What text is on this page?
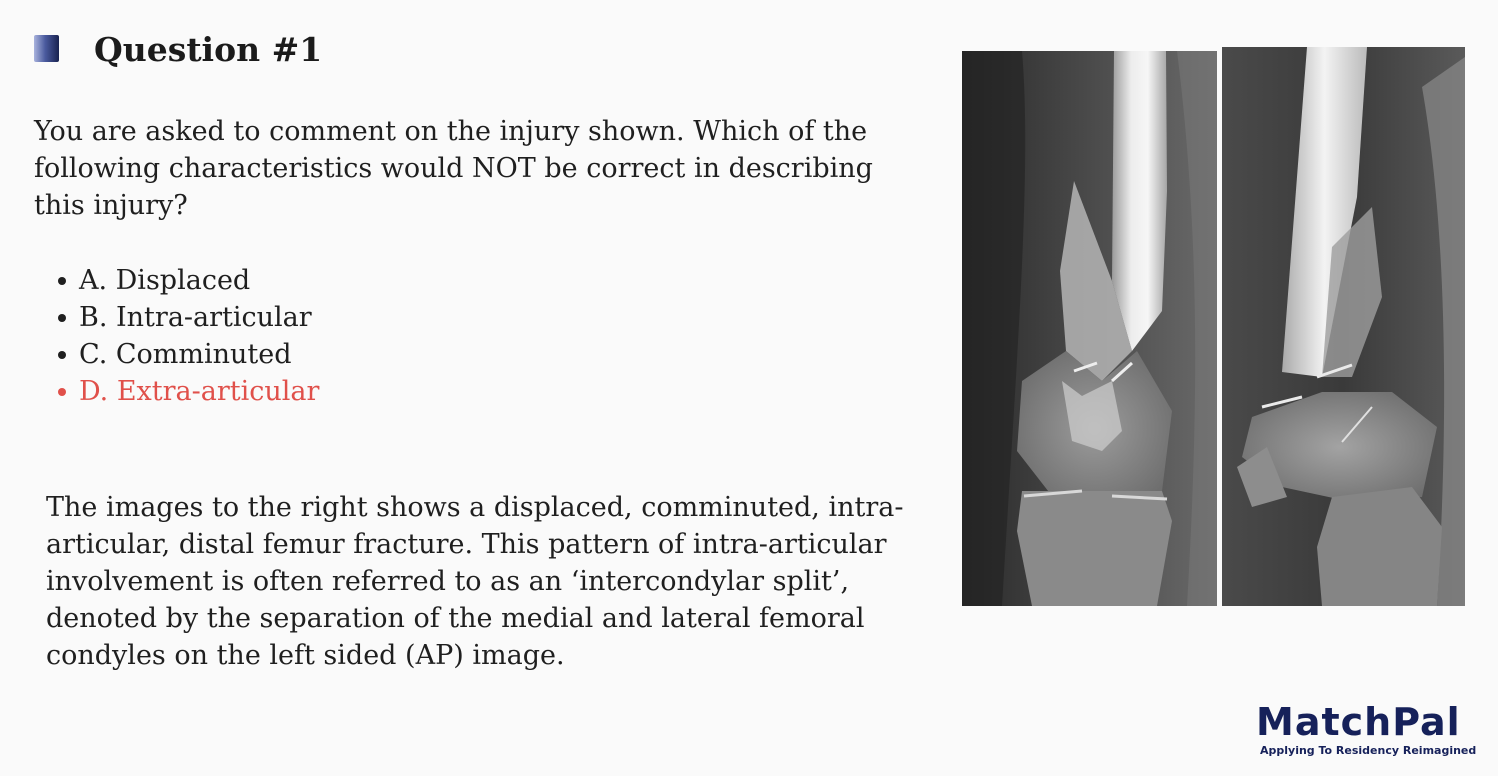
Question #1

You are asked to comment on the injury shown. Which of the following characteristics would NOT be correct in describing this injury?

A. Displaced
B. Intra-articular
C. Comminuted
D. Extra-articular

The images to the right shows a displaced, comminuted, intra-articular, distal femur fracture. This pattern of intra-articular involvement is often referred to as an ‘intercondylar split’, denoted by the separation of the medial and lateral femoral condyles on the left sided (AP) image.

MatchPal
Applying To Residency Reimagined
